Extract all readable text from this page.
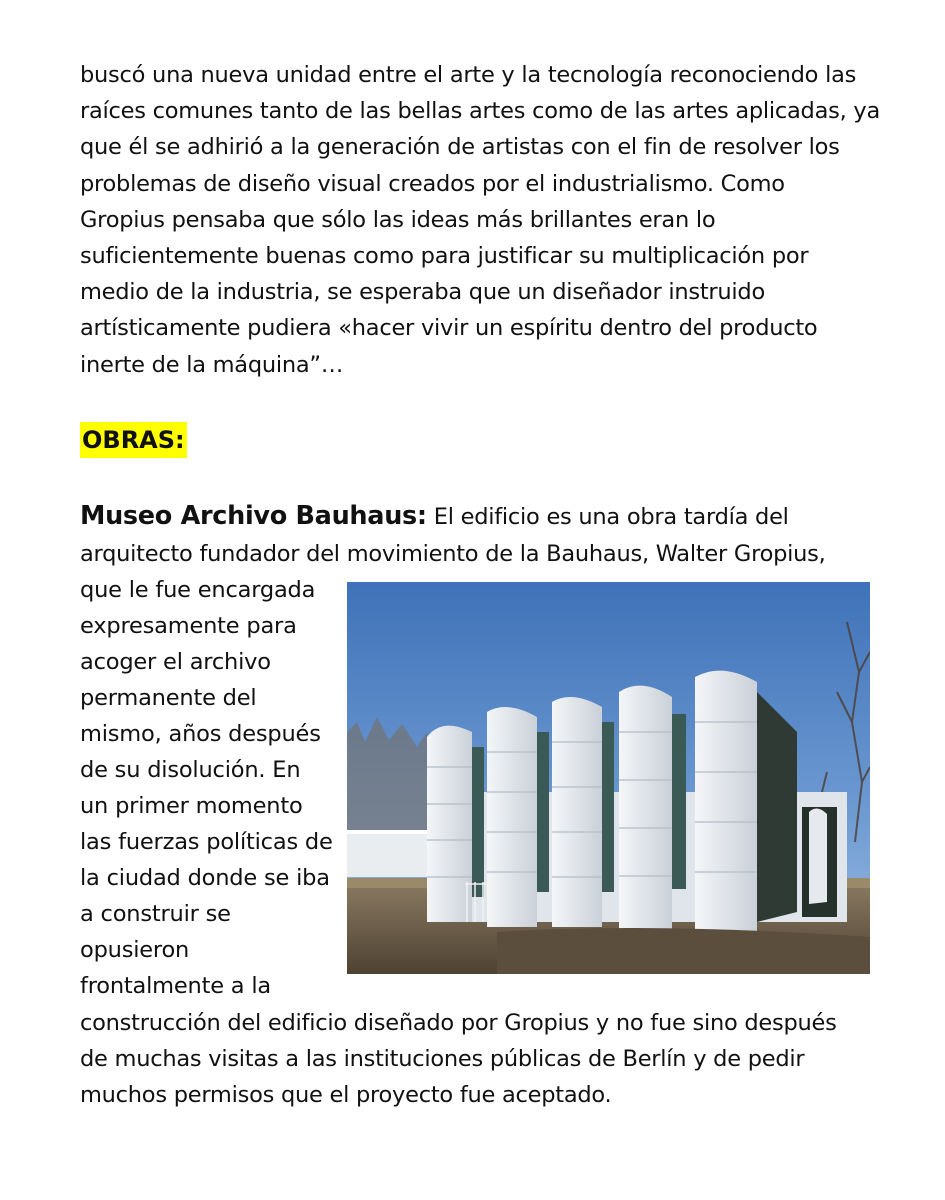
buscó una nueva unidad entre el arte y la tecnología reconociendo las
raíces comunes tanto de las bellas artes como de las artes aplicadas, ya
que él se adhirió a la generación de artistas con el fin de resolver los
problemas de diseño visual creados por el industrialismo. Como
Gropius pensaba que sólo las ideas más brillantes eran lo
suficientemente buenas como para justificar su multiplicación por
medio de la industria, se esperaba que un diseñador instruido
artísticamente pudiera «hacer vivir un espíritu dentro del producto
inerte de la máquina”…
OBRAS:
Museo Archivo Bauhaus: El edificio es una obra tardía del
arquitecto fundador del movimiento de la Bauhaus, Walter Gropius,
que le fue encargada
expresamente para
acoger el archivo
permanente del
mismo, años después
de su disolución. En
un primer momento
las fuerzas políticas de
la ciudad donde se iba
a construir se
opusieron
frontalmente a la
construcción del edificio diseñado por Gropius y no fue sino después
de muchas visitas a las instituciones públicas de Berlín y de pedir
muchos permisos que el proyecto fue aceptado.
